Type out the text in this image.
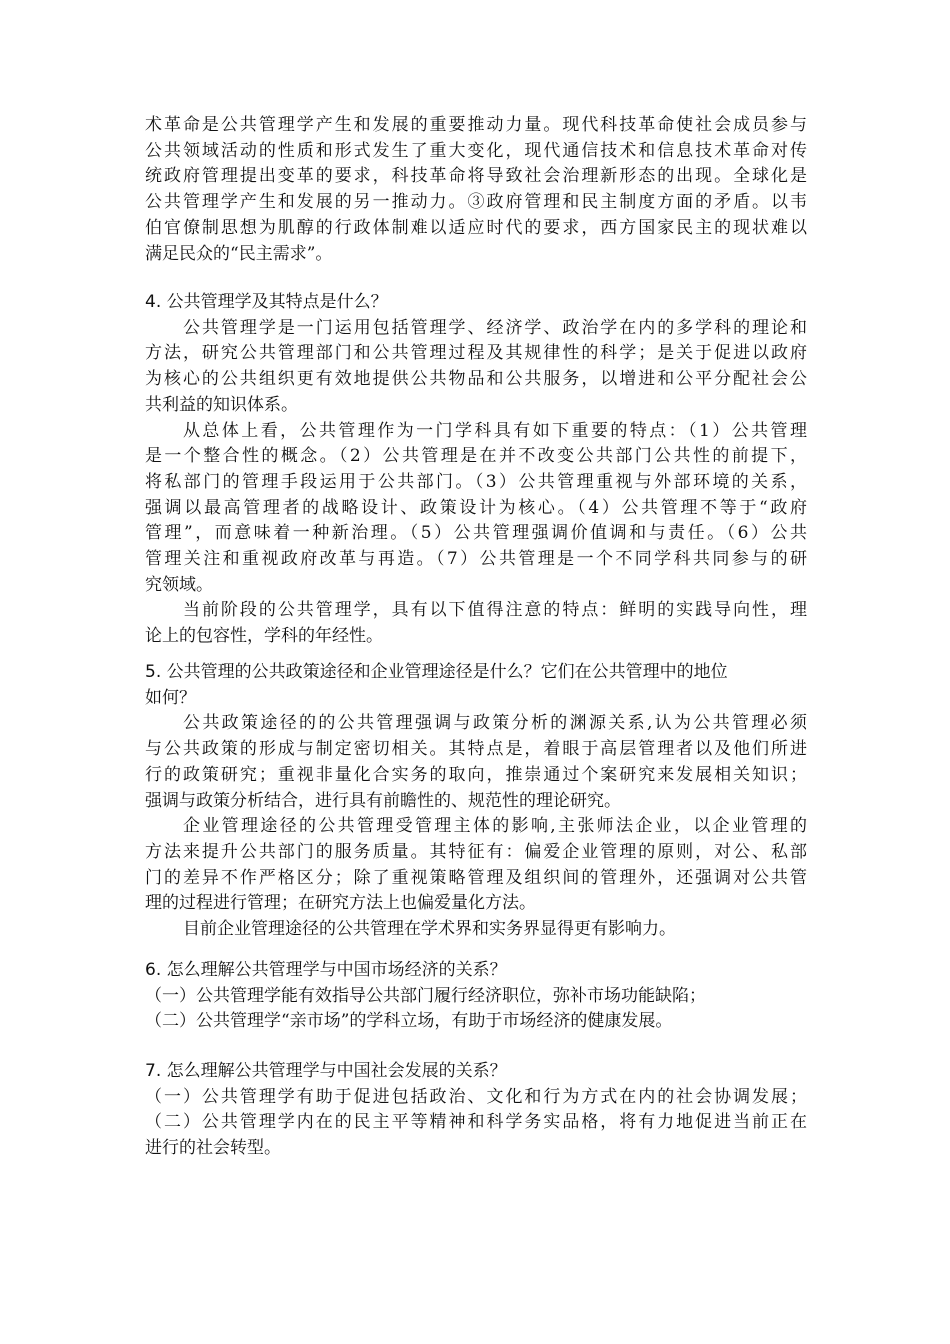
术革命是公共管理学产生和发展的重要推动力量。现代科技革命使社会成员参与
公共领域活动的性质和形式发生了重大变化，现代通信技术和信息技术革命对传
统政府管理提出变革的要求，科技革命将导致社会治理新形态的出现。全球化是
公共管理学产生和发展的另一推动力。③政府管理和民主制度方面的矛盾。以韦
伯官僚制思想为肌醇的行政体制难以适应时代的要求，西方国家民主的现状难以
满足民众的“民主需求”。
4. 公共管理学及其特点是什么？
公共管理学是一门运用包括管理学、经济学、政治学在内的多学科的理论和
方法，研究公共管理部门和公共管理过程及其规律性的科学；是关于促进以政府
为核心的公共组织更有效地提供公共物品和公共服务，以增进和公平分配社会公
共利益的知识体系。
从总体上看，公共管理作为一门学科具有如下重要的特点：（1）公共管理
是一个整合性的概念。（2）公共管理是在并不改变公共部门公共性的前提下，
将私部门的管理手段运用于公共部门。（3）公共管理重视与外部环境的关系，
强调以最高管理者的战略设计、政策设计为核心。（4）公共管理不等于“政府
管理”，而意味着一种新治理。（5）公共管理强调价值调和与责任。（6）公共
管理关注和重视政府改革与再造。（7）公共管理是一个不同学科共同参与的研
究领域。
当前阶段的公共管理学，具有以下值得注意的特点：鲜明的实践导向性，理
论上的包容性，学科的年经性。
5. 公共管理的公共政策途径和企业管理途径是什么？它们在公共管理中的地位
如何？
公共政策途径的的公共管理强调与政策分析的渊源关系,认为公共管理必须
与公共政策的形成与制定密切相关。其特点是，着眼于高层管理者以及他们所进
行的政策研究；重视非量化合实务的取向，推崇通过个案研究来发展相关知识；
强调与政策分析结合，进行具有前瞻性的、规范性的理论研究。
企业管理途径的公共管理受管理主体的影响,主张师法企业，以企业管理的
方法来提升公共部门的服务质量。其特征有：偏爱企业管理的原则，对公、私部
门的差异不作严格区分；除了重视策略管理及组织间的管理外，还强调对公共管
理的过程进行管理；在研究方法上也偏爱量化方法。
目前企业管理途径的公共管理在学术界和实务界显得更有影响力。
6. 怎么理解公共管理学与中国市场经济的关系？
（一）公共管理学能有效指导公共部门履行经济职位，弥补市场功能缺陷；
（二）公共管理学“亲市场”的学科立场，有助于市场经济的健康发展。
7. 怎么理解公共管理学与中国社会发展的关系？
（一）公共管理学有助于促进包括政治、文化和行为方式在内的社会协调发展；
（二）公共管理学内在的民主平等精神和科学务实品格，将有力地促进当前正在
进行的社会转型。
